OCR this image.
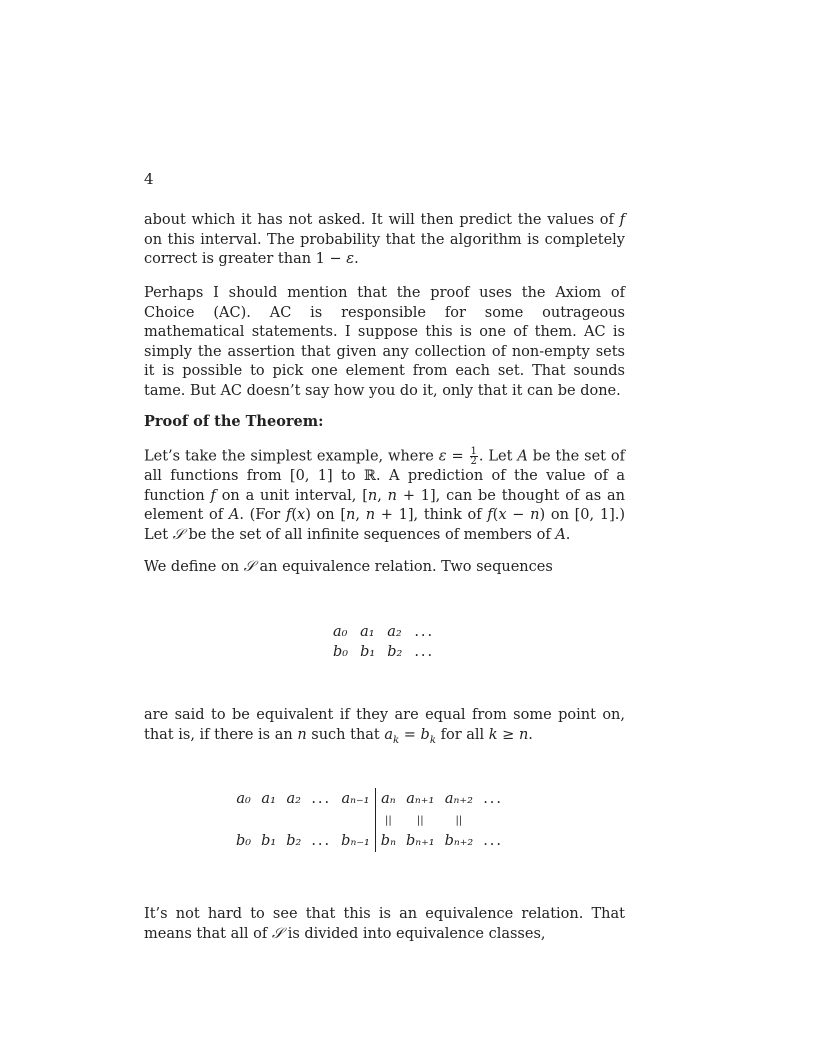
4

about which it has not asked. It will then predict the values of f on this interval. The probability that the algorithm is completely correct is greater than 1 − ε.

Perhaps I should mention that the proof uses the Axiom of Choice (AC). AC is responsible for some outrageous mathematical statements. I suppose this is one of them. AC is simply the assertion that given any collection of non-empty sets it is possible to pick one element from each set. That sounds tame. But AC doesn’t say how you do it, only that it can be done.

Proof of the Theorem:

Let’s take the simplest example, where $\varepsilon = \frac{1}{2}$ . Let A be the set of all functions from [0, 1] to ℝ. A prediction of the value of a function f on a unit interval, [n, n + 1], can be thought of as an element of A. (For f(x) on [n, n + 1], think of f(x − n) on [0, 1].) Let 𝒮 be the set of all infinite sequences of members of A.

We define on 𝒮 an equivalence relation. Two sequences

a₀	a₁	a₂	...
b₀	b₁	b₂	...

are said to be equivalent if they are equal from some point on, that is, if there is an n such that $a_k = b_k$ for all k ≥ n.

a₀	a₁	a₂	...	aₙ₋₁	aₙ	aₙ₊₁	aₙ₊₂	...
					||	||	||	
b₀	b₁	b₂	...	bₙ₋₁	bₙ	bₙ₊₁	bₙ₊₂	...

It’s not hard to see that this is an equivalence relation. That means that all of 𝒮 is divided into equivalence classes,
